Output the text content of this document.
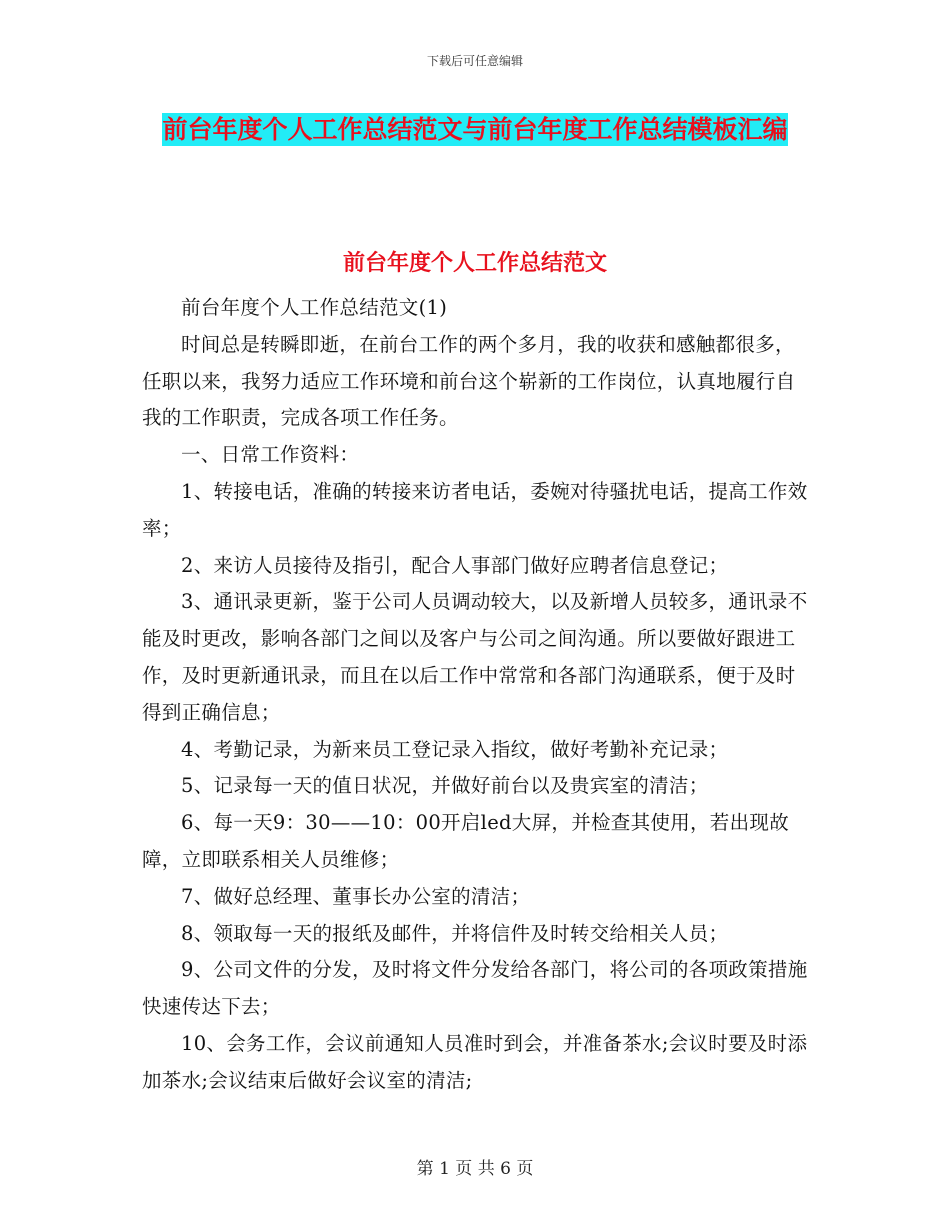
下载后可任意编辑
前台年度个人工作总结范文与前台年度工作总结模板汇编
前台年度个人工作总结范文

前台年度个人工作总结范文(1)

时间总是转瞬即逝，在前台工作的两个多月，我的收获和感触都很多，任职以来，我努力适应工作环境和前台这个崭新的工作岗位，认真地履行自我的工作职责，完成各项工作任务。

一、日常工作资料：

1、转接电话，准确的转接来访者电话，委婉对待骚扰电话，提高工作效率；

2、来访人员接待及指引，配合人事部门做好应聘者信息登记；

3、通讯录更新，鉴于公司人员调动较大，以及新增人员较多，通讯录不能及时更改，影响各部门之间以及客户与公司之间沟通。所以要做好跟进工作，及时更新通讯录，而且在以后工作中常常和各部门沟通联系，便于及时得到正确信息；

4、考勤记录，为新来员工登记录入指纹，做好考勤补充记录；

5、记录每一天的值日状况，并做好前台以及贵宾室的清洁；

6、每一天9：30——10：00开启led大屏，并检查其使用，若出现故障，立即联系相关人员维修；

7、做好总经理、董事长办公室的清洁；

8、领取每一天的报纸及邮件，并将信件及时转交给相关人员；

9、公司文件的分发，及时将文件分发给各部门，将公司的各项政策措施快速传达下去；

10、会务工作，会议前通知人员准时到会，并准备茶水;会议时要及时添加茶水;会议结束后做好会议室的清洁;

第 1 页 共 6 页
